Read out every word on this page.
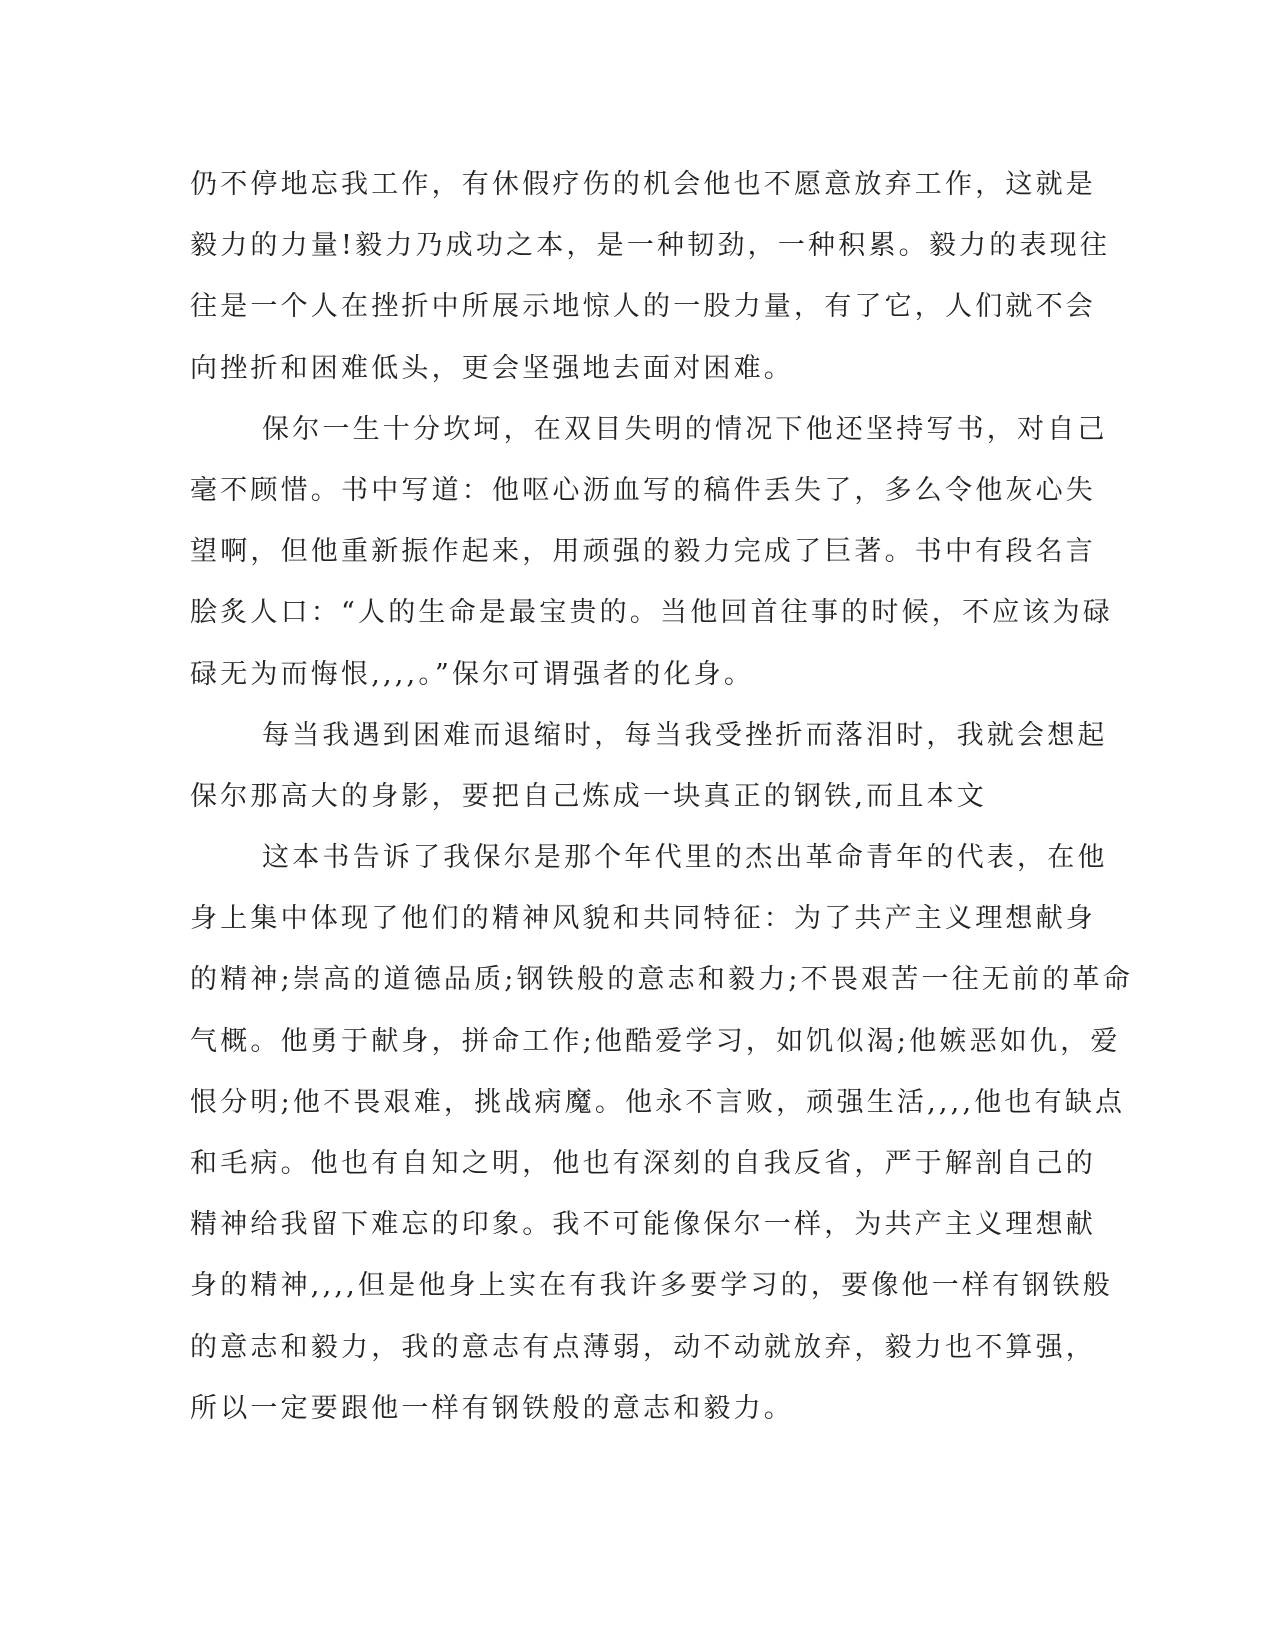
仍不停地忘我工作，有休假疗伤的机会他也不愿意放弃工作，这就是
毅力的力量!毅力乃成功之本，是一种韧劲，一种积累。毅力的表现往
往是一个人在挫折中所展示地惊人的一股力量，有了它，人们就不会
向挫折和困难低头，更会坚强地去面对困难。
保尔一生十分坎坷，在双目失明的情况下他还坚持写书，对自己
毫不顾惜。书中写道：他呕心沥血写的稿件丢失了，多么令他灰心失
望啊，但他重新振作起来，用顽强的毅力完成了巨著。书中有段名言
脍炙人口：“人的生命是最宝贵的。当他回首往事的时候，不应该为碌
碌无为而悔恨,,,,。”保尔可谓强者的化身。
每当我遇到困难而退缩时，每当我受挫折而落泪时，我就会想起
保尔那高大的身影，要把自己炼成一块真正的钢铁,而且本文
这本书告诉了我保尔是那个年代里的杰出革命青年的代表，在他
身上集中体现了他们的精神风貌和共同特征：为了共产主义理想献身
的精神;崇高的道德品质;钢铁般的意志和毅力;不畏艰苦一往无前的革命
气概。他勇于献身，拼命工作;他酷爱学习，如饥似渴;他嫉恶如仇，爱
恨分明;他不畏艰难，挑战病魔。他永不言败，顽强生活,,,,他也有缺点
和毛病。他也有自知之明，他也有深刻的自我反省，严于解剖自己的
精神给我留下难忘的印象。我不可能像保尔一样，为共产主义理想献
身的精神,,,,但是他身上实在有我许多要学习的，要像他一样有钢铁般
的意志和毅力，我的意志有点薄弱，动不动就放弃，毅力也不算强，
所以一定要跟他一样有钢铁般的意志和毅力。
